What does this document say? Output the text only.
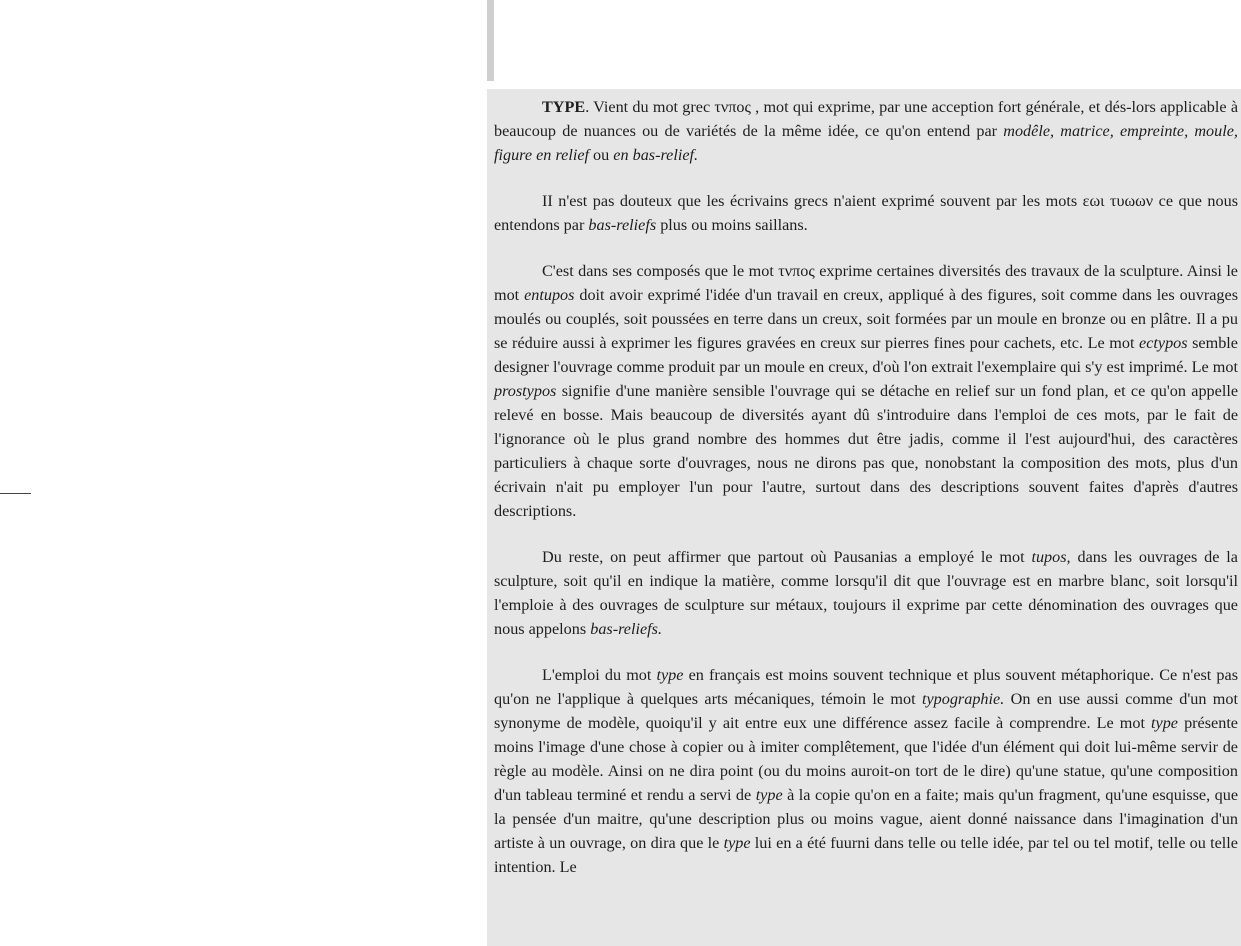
TYPE. Vient du mot grec τνπος , mot qui exprime, par une acception fort générale, et dés-lors applicable à beaucoup de nuances ou de variétés de la même idée, ce qu'on entend par modêle, matrice, empreinte, moule, figure en relief ou en bas-relief.

II n'est pas douteux que les écrivains grecs n'aient exprimé souvent par les mots εωι τυωων ce que nous entendons par bas-reliefs plus ou moins saillans.

C'est dans ses composés que le mot τνπος exprime certaines diversités des travaux de la sculpture. Ainsi le mot entupos doit avoir exprimé l'idée d'un travail en creux, appliqué à des figures, soit comme dans les ouvrages moulés ou couplés, soit poussées en terre dans un creux, soit formées par un moule en bronze ou en plâtre. Il a pu se réduire aussi à exprimer les figures gravées en creux sur pierres fines pour cachets, etc. Le mot ectypos semble designer l'ouvrage comme produit par un moule en creux, d'où l'on extrait l'exemplaire qui s'y est imprimé. Le mot prostypos signifie d'une manière sensible l'ouvrage qui se détache en relief sur un fond plan, et ce qu'on appelle relevé en bosse. Mais beaucoup de diversités ayant dû s'introduire dans l'emploi de ces mots, par le fait de l'ignorance où le plus grand nombre des hommes dut être jadis, comme il l'est aujourd'hui, des caractères particuliers à chaque sorte d'ouvrages, nous ne dirons pas que, nonobstant la composition des mots, plus d'un écrivain n'ait pu employer l'un pour l'autre, surtout dans des descriptions souvent faites d'après d'autres descriptions.

Du reste, on peut affirmer que partout où Pausanias a employé le mot tupos, dans les ouvrages de la sculpture, soit qu'il en indique la matière, comme lorsqu'il dit que l'ouvrage est en marbre blanc, soit lorsqu'il l'emploie à des ouvrages de sculpture sur métaux, toujours il exprime par cette dénomination des ouvrages que nous appelons bas-reliefs.

L'emploi du mot type en français est moins souvent technique et plus souvent métaphorique. Ce n'est pas qu'on ne l'applique à quelques arts mécaniques, témoin le mot typographie. On en use aussi comme d'un mot synonyme de modèle, quoiqu'il y ait entre eux une différence assez facile à comprendre. Le mot type présente moins l'image d'une chose à copier ou à imiter complêtement, que l'idée d'un élément qui doit lui-même servir de règle au modèle. Ainsi on ne dira point (ou du moins auroit-on tort de le dire) qu'une statue, qu'une composition d'un tableau terminé et rendu a servi de type à la copie qu'on en a faite; mais qu'un fragment, qu'une esquisse, que la pensée d'un maitre, qu'une description plus ou moins vague, aient donné naissance dans l'imagination d'un artiste à un ouvrage, on dira que le type lui en a été fuurni dans telle ou telle idée, par tel ou tel motif, telle ou telle intention. Le
